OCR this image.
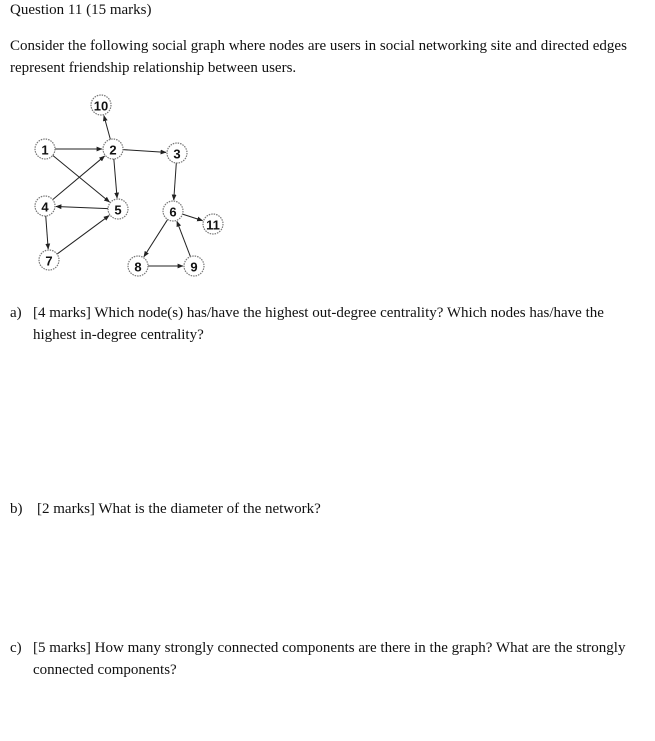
Question 11 (15 marks)
Consider the following social graph where nodes are users in social networking site and directed edges represent friendship relationship between users.
1	2	3
4	5	6
7	8	9
10
11
a) [4 marks] Which node(s) has/have the highest out-degree centrality? Which nodes has/have the highest in-degree centrality?
b) [2 marks] What is the diameter of the network?
c) [5 marks] How many strongly connected components are there in the graph? What are the strongly connected components?
